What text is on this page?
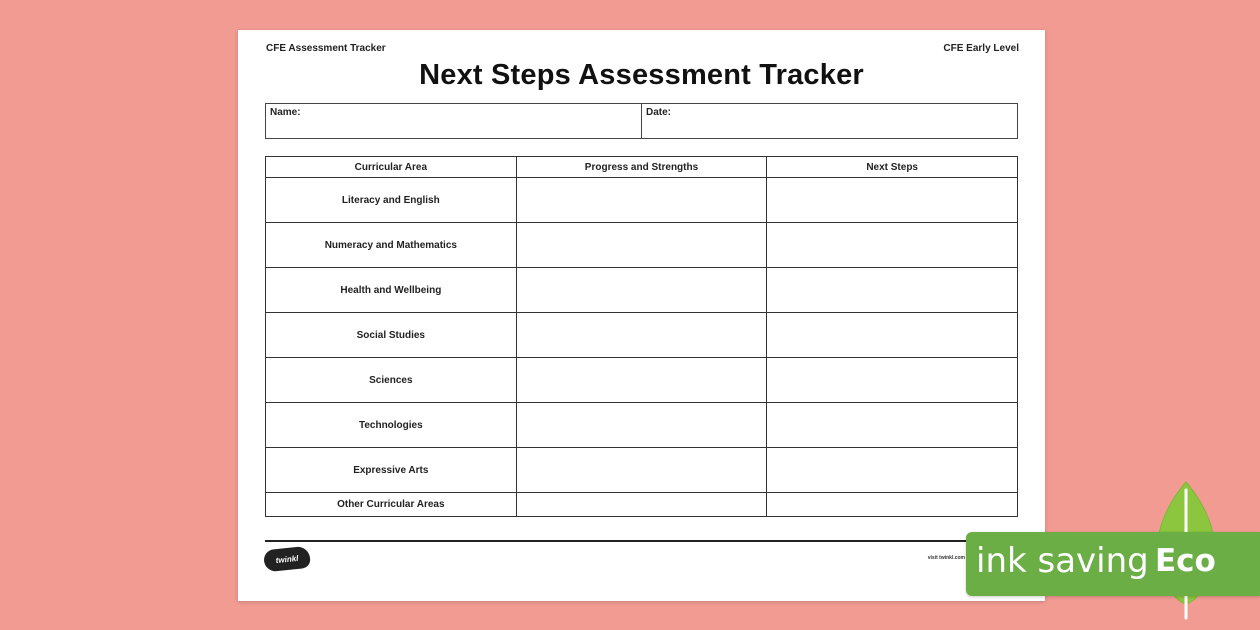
CFE Assessment Tracker	CFE Early Level
Next Steps Assessment Tracker
Name:	Date:
Curricular Area	Progress and Strengths	Next Steps
Literacy and English		
Numeracy and Mathematics		
Health and Wellbeing		
Social Studies		
Sciences		
Technologies		
Expressive Arts		
Other Curricular Areas		
twinkl	visit twinkl.com ink saving Eco
